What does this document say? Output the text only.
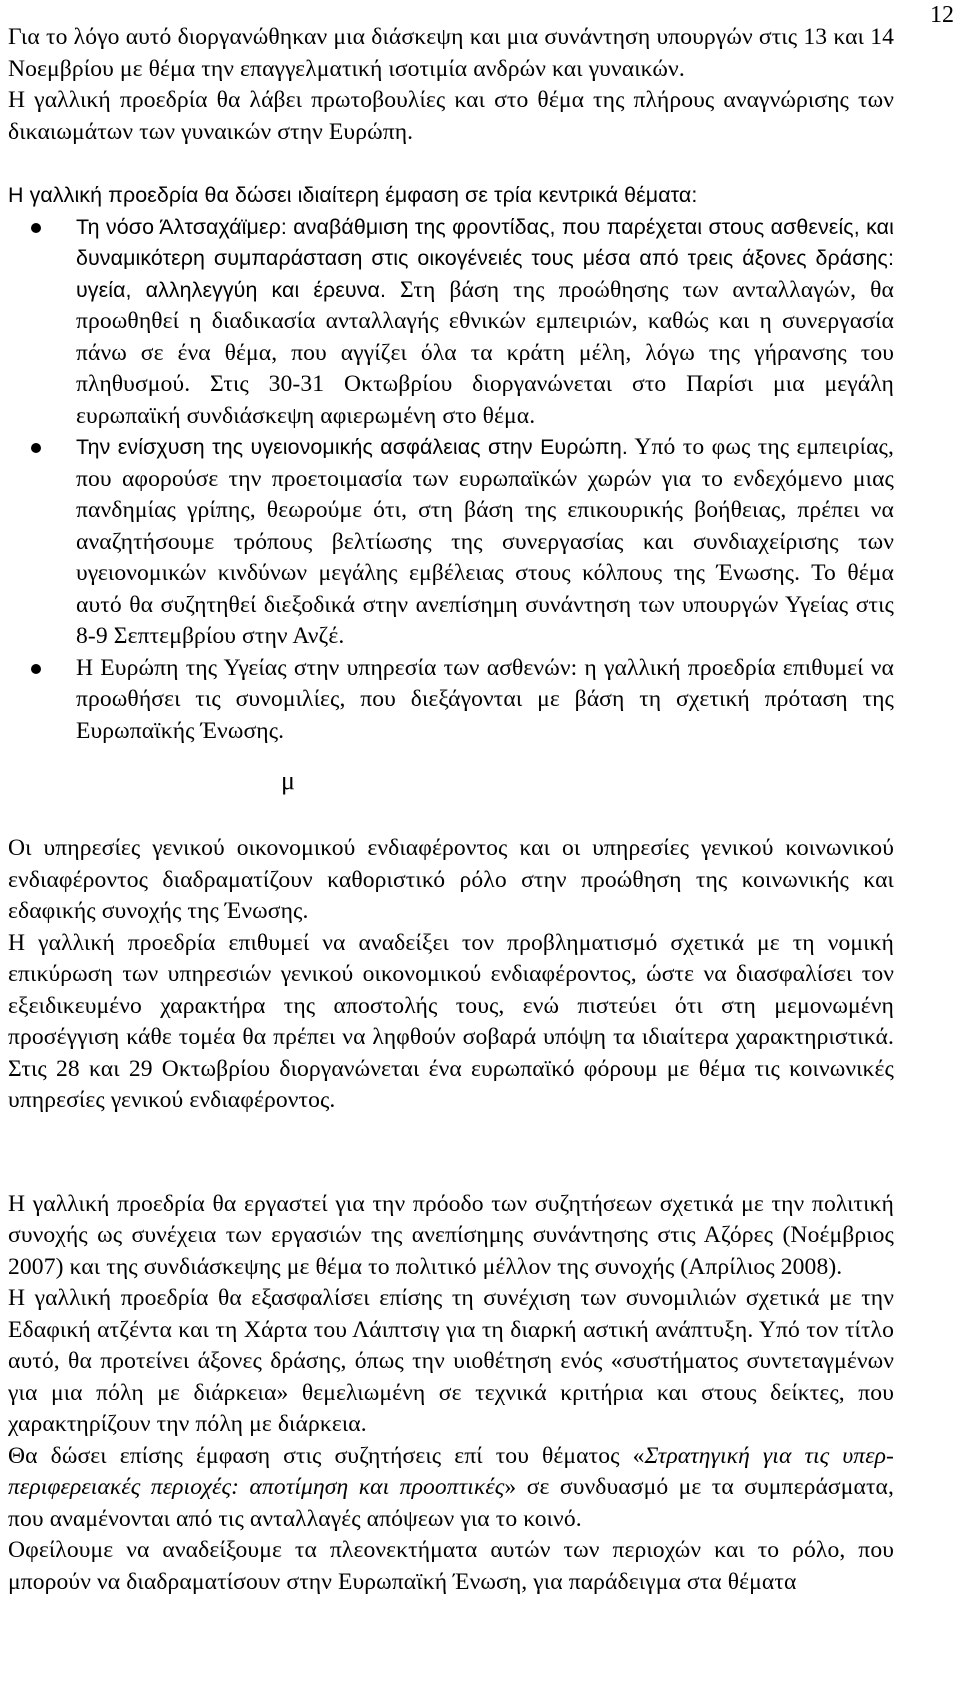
12

Για το λόγο αυτό διοργανώθηκαν μια διάσκεψη και μια συνάντηση υπουργών στις 13 και 14 Νοεμβρίου με θέμα την επαγγελματική ισοτιμία ανδρών και γυναικών.

Η γαλλική προεδρία θα λάβει πρωτοβουλίες και στο θέμα της πλήρους αναγνώρισης των δικαιωμάτων των γυναικών στην Ευρώπη.

Η γαλλική προεδρία θα δώσει ιδιαίτερη έμφαση σε τρία κεντρικά θέματα:

Τη νόσο Άλτσαχάϊμερ: αναβάθμιση της φροντίδας, που παρέχεται στους ασθενείς, και δυναμικότερη συμπαράσταση στις οικογένειές τους μέσα από τρεις άξονες δράσης: υγεία, αλληλεγγύη και έρευνα. Στη βάση της προώθησης των ανταλλαγών, θα προωθηθεί η διαδικασία ανταλλαγής εθνικών εμπειριών, καθώς και η συνεργασία πάνω σε ένα θέμα, που αγγίζει όλα τα κράτη μέλη, λόγω της γήρανσης του πληθυσμού. Στις 30-31 Οκτωβρίου διοργανώνεται στο Παρίσι μια μεγάλη ευρωπαϊκή συνδιάσκεψη αφιερωμένη στο θέμα.
Την ενίσχυση της υγειονομικής ασφάλειας στην Ευρώπη. Υπό το φως της εμπειρίας, που αφορούσε την προετοιμασία των ευρωπαϊκών χωρών για το ενδεχόμενο μιας πανδημίας γρίπης, θεωρούμε ότι, στη βάση της επικουρικής βοήθειας, πρέπει να αναζητήσουμε τρόπους βελτίωσης της συνεργασίας και συνδιαχείρισης των υγειονομικών κινδύνων μεγάλης εμβέλειας στους κόλπους της Ένωσης. Το θέμα αυτό θα συζητηθεί διεξοδικά στην ανεπίσημη συνάντηση των υπουργών Υγείας στις 8-9 Σεπτεμβρίου στην Ανζέ.
Η Ευρώπη της Υγείας στην υπηρεσία των ασθενών: η γαλλική προεδρία επιθυμεί να προωθήσει τις συνομιλίες, που διεξάγονται με βάση τη σχετική πρόταση της Ευρωπαϊκής Ένωσης.
μ

Οι υπηρεσίες γενικού οικονομικού ενδιαφέροντος και οι υπηρεσίες γενικού κοινωνικού ενδιαφέροντος διαδραματίζουν καθοριστικό ρόλο στην προώθηση της κοινωνικής και εδαφικής συνοχής της Ένωσης.

Η γαλλική προεδρία επιθυμεί να αναδείξει τον προβληματισμό σχετικά με τη νομική επικύρωση των υπηρεσιών γενικού οικονομικού ενδιαφέροντος, ώστε να διασφαλίσει τον εξειδικευμένο χαρακτήρα της αποστολής τους, ενώ πιστεύει ότι στη μεμονωμένη προσέγγιση κάθε τομέα θα πρέπει να ληφθούν σοβαρά υπόψη τα ιδιαίτερα χαρακτηριστικά. Στις 28 και 29 Οκτωβρίου διοργανώνεται ένα ευρωπαϊκό φόρουμ με θέμα τις κοινωνικές υπηρεσίες γενικού ενδιαφέροντος.

Η γαλλική προεδρία θα εργαστεί για την πρόοδο των συζητήσεων σχετικά με την πολιτική συνοχής ως συνέχεια των εργασιών της ανεπίσημης συνάντησης στις Αζόρες (Νοέμβριος 2007) και της συνδιάσκεψης με θέμα το πολιτικό μέλλον της συνοχής (Απρίλιος 2008).

Η γαλλική προεδρία θα εξασφαλίσει επίσης τη συνέχιση των συνομιλιών σχετικά με την Εδαφική ατζέντα και τη Χάρτα του Λάιπτσιγ για τη διαρκή αστική ανάπτυξη. Υπό τον τίτλο αυτό, θα προτείνει άξονες δράσης, όπως την υιοθέτηση ενός «συστήματος συντεταγμένων για μια πόλη με διάρκεια» θεμελιωμένη σε τεχνικά κριτήρια και στους δείκτες, που χαρακτηρίζουν την πόλη με διάρκεια.

Θα δώσει επίσης έμφαση στις συζητήσεις επί του θέματος «Στρατηγική για τις υπερ-περιφερειακές περιοχές: αποτίμηση και προοπτικές» σε συνδυασμό με τα συμπεράσματα, που αναμένονται από τις ανταλλαγές απόψεων για το κοινό.

Οφείλουμε να αναδείξουμε τα πλεονεκτήματα αυτών των περιοχών και το ρόλο, που μπορούν να διαδραματίσουν στην Ευρωπαϊκή Ένωση, για παράδειγμα στα θέματα
